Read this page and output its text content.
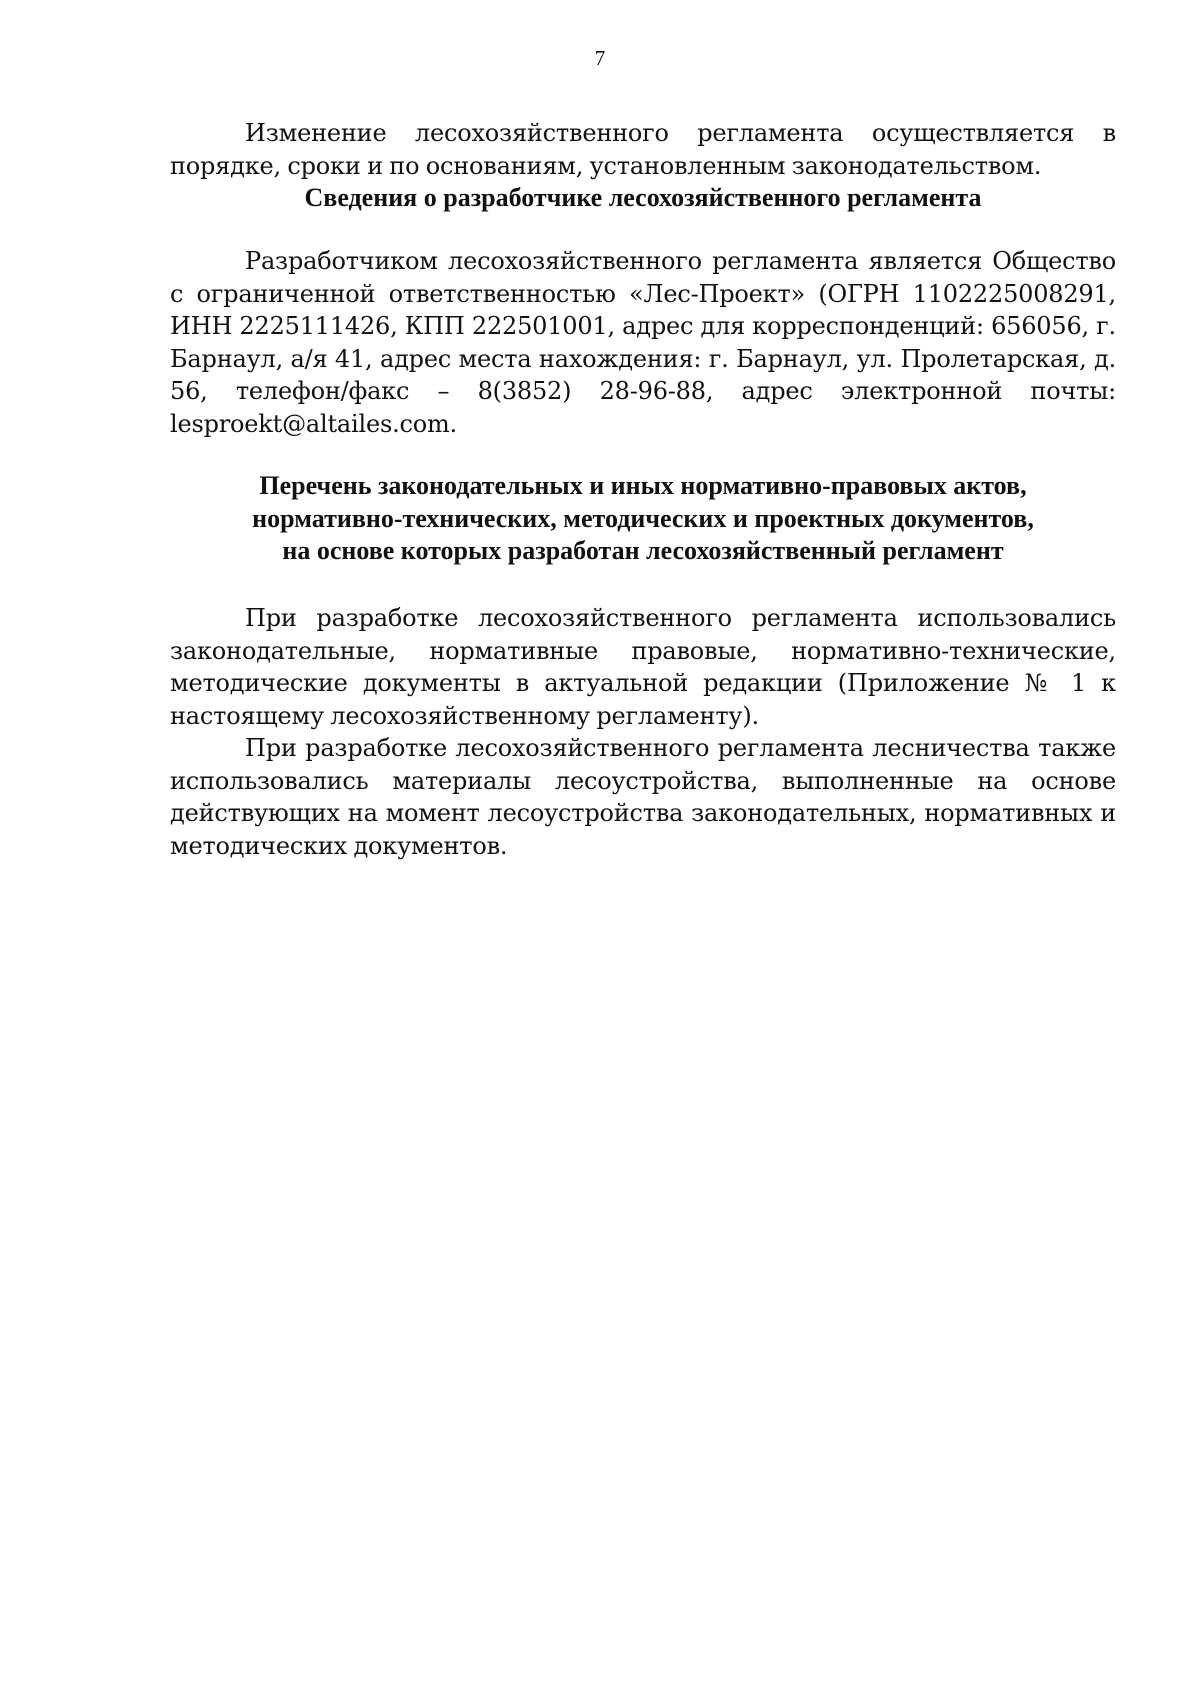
7

Изменение лесохозяйственного регламента осуществляется в порядке, сроки и по основаниям, установленным законодательством.

Сведения о разработчике лесохозяйственного регламента

Разработчиком лесохозяйственного регламента является Общество с ограниченной ответственностью «Лес-Проект» (ОГРН 1102225008291, ИНН 2225111426, КПП 222501001, адрес для корреспонденций: 656056, г. Барнаул, а/я 41, адрес места нахождения: г. Барнаул, ул. Пролетарская, д. 56, телефон/факс – 8(3852) 28-96-88, адрес электронной почты: lesproekt@altailes.com.

Перечень законодательных и иных нормативно-правовых актов,
нормативно-технических, методических и проектных документов,
на основе которых разработан лесохозяйственный регламент

При разработке лесохозяйственного регламента использовались законодательные, нормативные правовые, нормативно-технические, методические документы в актуальной редакции (Приложение № 1 к настоящему лесохозяйственному регламенту).

При разработке лесохозяйственного регламента лесничества также использовались материалы лесоустройства, выполненные на основе действующих на момент лесоустройства законодательных, нормативных и методических документов.
